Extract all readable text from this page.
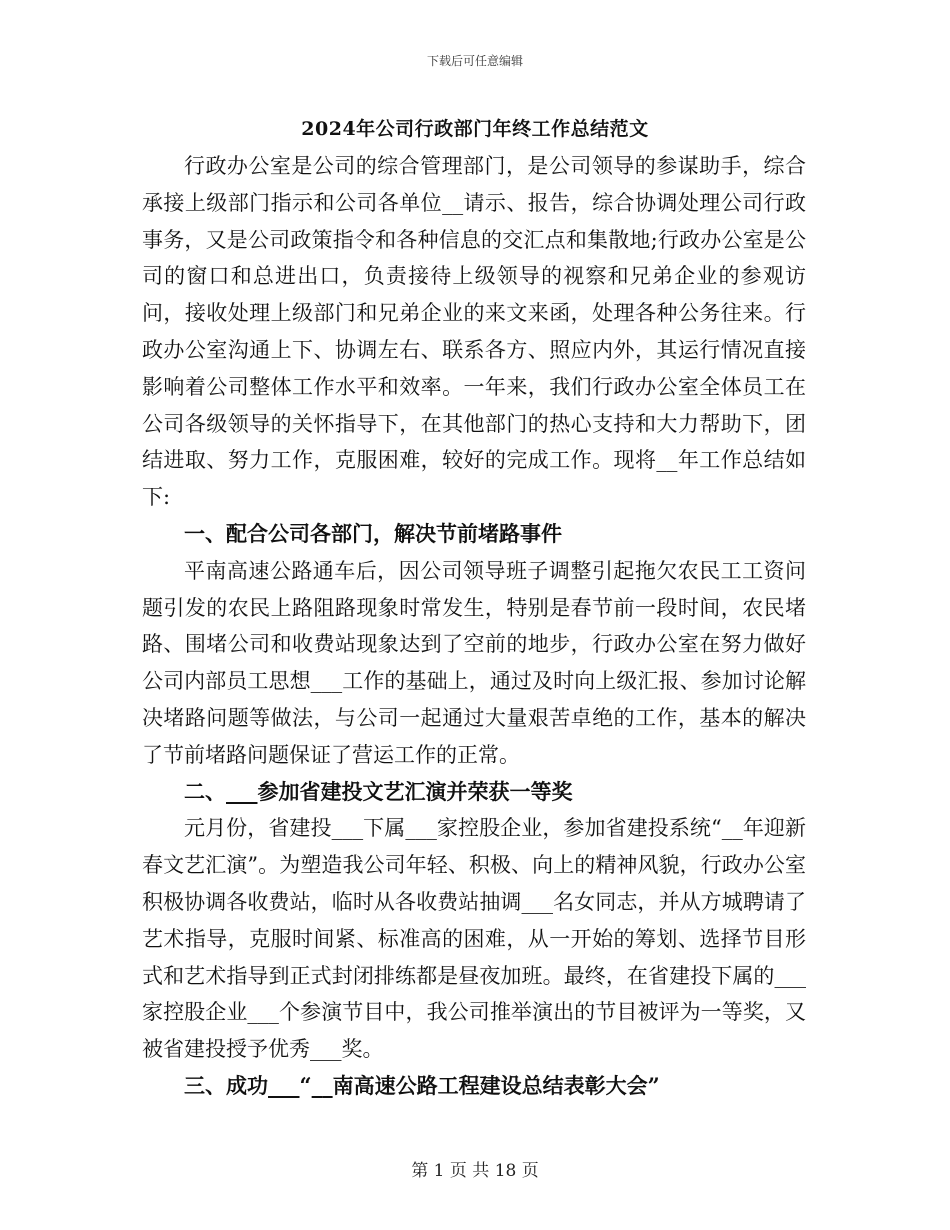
下载后可任意编辑
2024年公司行政部门年终工作总结范文

行政办公室是公司的综合管理部门，是公司领导的参谋助手，综合承接上级部门指示和公司各单位__请示、报告，综合协调处理公司行政事务，又是公司政策指令和各种信息的交汇点和集散地;行政办公室是公司的窗口和总进出口，负责接待上级领导的视察和兄弟企业的参观访问，接收处理上级部门和兄弟企业的来文来函，处理各种公务往来。行政办公室沟通上下、协调左右、联系各方、照应内外，其运行情况直接影响着公司整体工作水平和效率。一年来，我们行政办公室全体员工在公司各级领导的关怀指导下，在其他部门的热心支持和大力帮助下，团结进取、努力工作，克服困难，较好的完成工作。现将__年工作总结如下:

一、配合公司各部门，解决节前堵路事件

平南高速公路通车后，因公司领导班子调整引起拖欠农民工工资问题引发的农民上路阻路现象时常发生，特别是春节前一段时间，农民堵路、围堵公司和收费站现象达到了空前的地步，行政办公室在努力做好公司内部员工思想___工作的基础上，通过及时向上级汇报、参加讨论解决堵路问题等做法，与公司一起通过大量艰苦卓绝的工作，基本的解决了节前堵路问题保证了营运工作的正常。

二、___参加省建投文艺汇演并荣获一等奖

元月份，省建投___下属___家控股企业，参加省建投系统“__年迎新春文艺汇演”。为塑造我公司年轻、积极、向上的精神风貌，行政办公室积极协调各收费站，临时从各收费站抽调___名女同志，并从方城聘请了艺术指导，克服时间紧、标准高的困难，从一开始的筹划、选择节目形式和艺术指导到正式封闭排练都是昼夜加班。最终，在省建投下属的___家控股企业___个参演节目中，我公司推举演出的节目被评为一等奖，又被省建投授予优秀___奖。

三、成功___“__南高速公路工程建设总结表彰大会”
第 1 页 共 18 页
